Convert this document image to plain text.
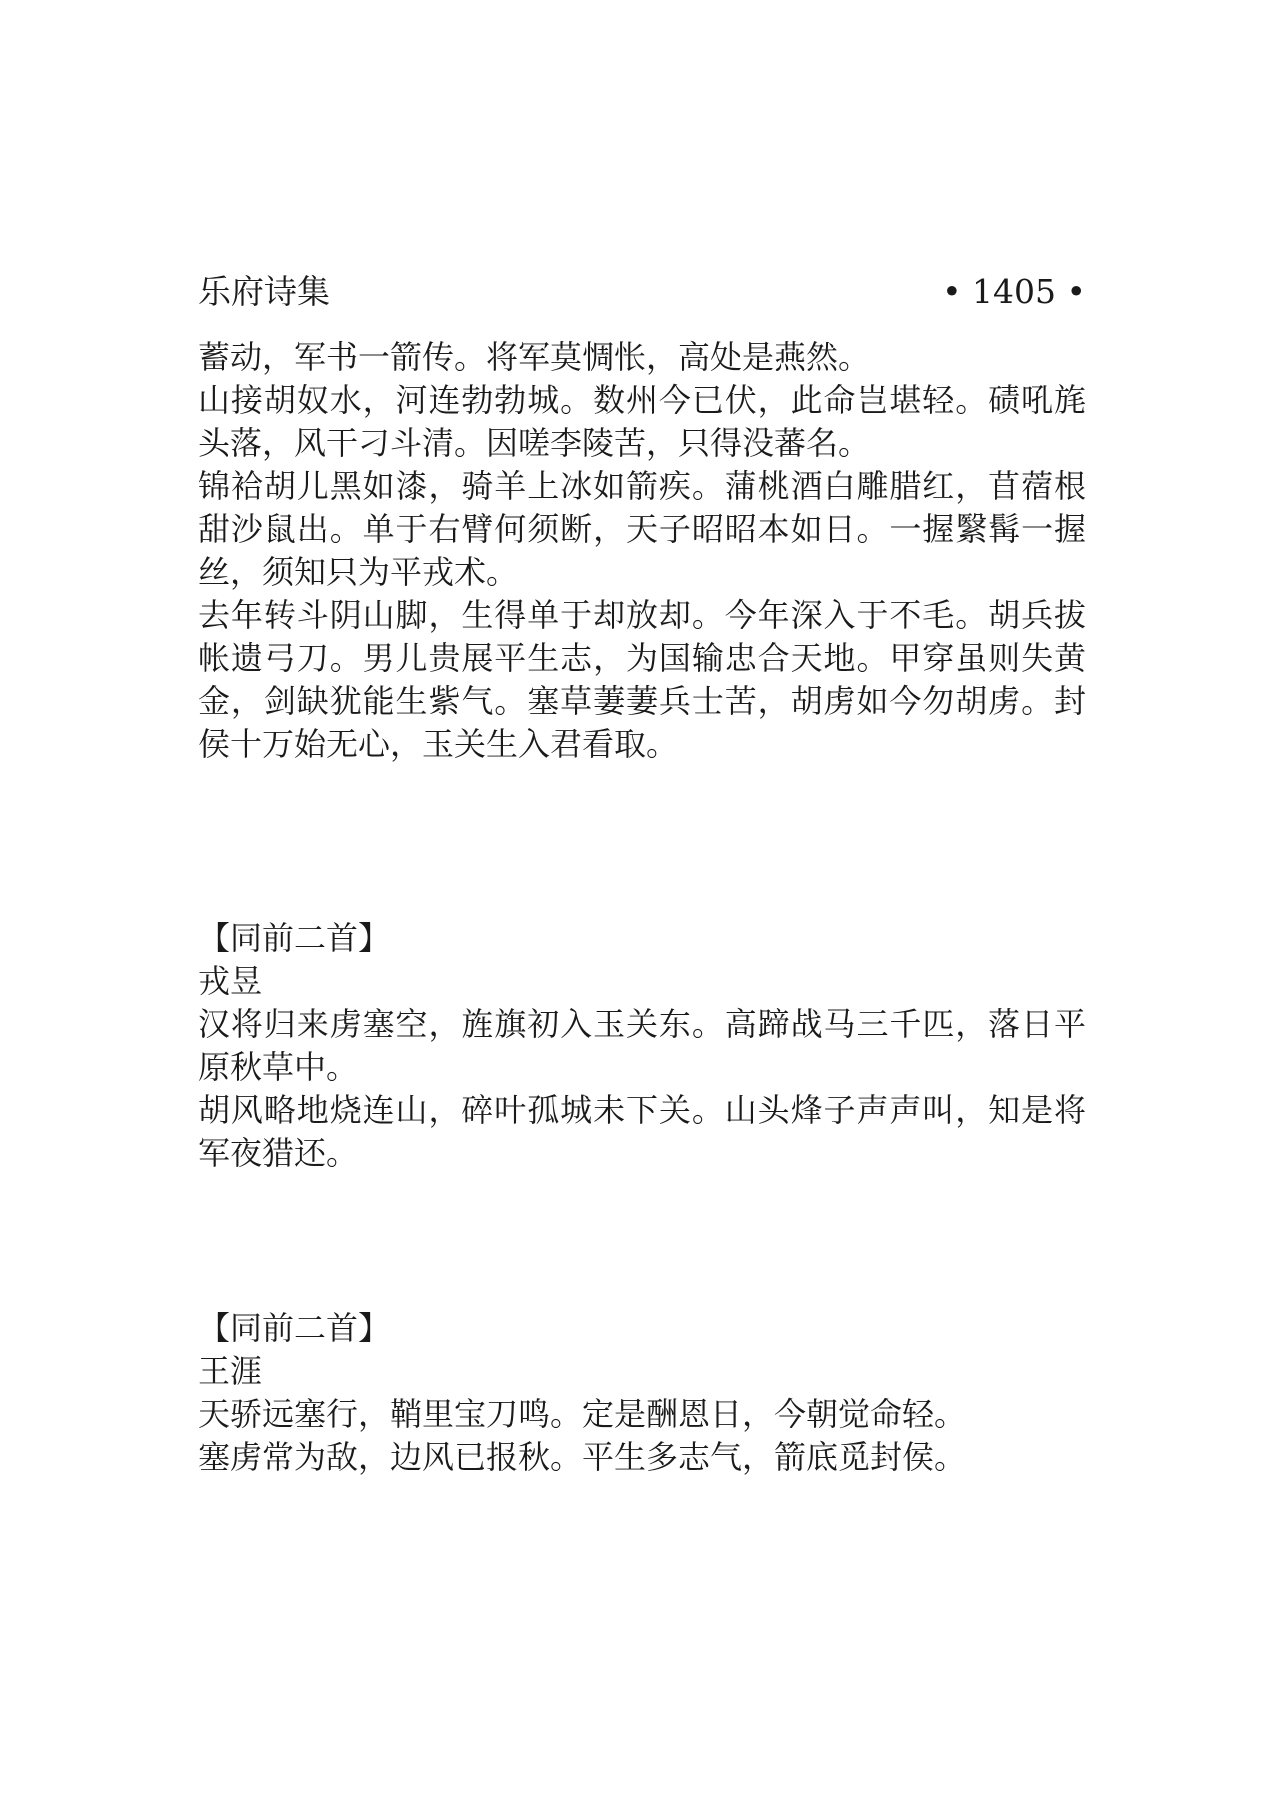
乐府诗集	• 1405 •

蓄动，军书一箭传。将军莫惆怅，高处是燕然。

山接胡奴水，河连勃勃城。数州今已伏，此命岂堪轻。碛吼旄头落，风干刁斗清。因嗟李陵苦，只得没蕃名。

锦袷胡儿黑如漆，骑羊上冰如箭疾。蒲桃酒白雕腊红，苜蓿根甜沙鼠出。单于右臂何须断，天子昭昭本如日。一握繄髯一握丝，须知只为平戎术。

去年转斗阴山脚，生得单于却放却。今年深入于不毛。胡兵拔帐遗弓刀。男儿贵展平生志，为国输忠合天地。甲穿虽则失黄金，剑缺犹能生紫气。塞草萋萋兵士苦，胡虏如今勿胡虏。封侯十万始无心，玉关生入君看取。

【同前二首】

戎昱

汉将归来虏塞空，旌旗初入玉关东。高蹄战马三千匹，落日平原秋草中。

胡风略地烧连山，碎叶孤城未下关。山头烽子声声叫，知是将军夜猎还。

【同前二首】

王涯

天骄远塞行，鞘里宝刀鸣。定是酬恩日，今朝觉命轻。

塞虏常为敌，边风已报秋。平生多志气，箭底觅封侯。
